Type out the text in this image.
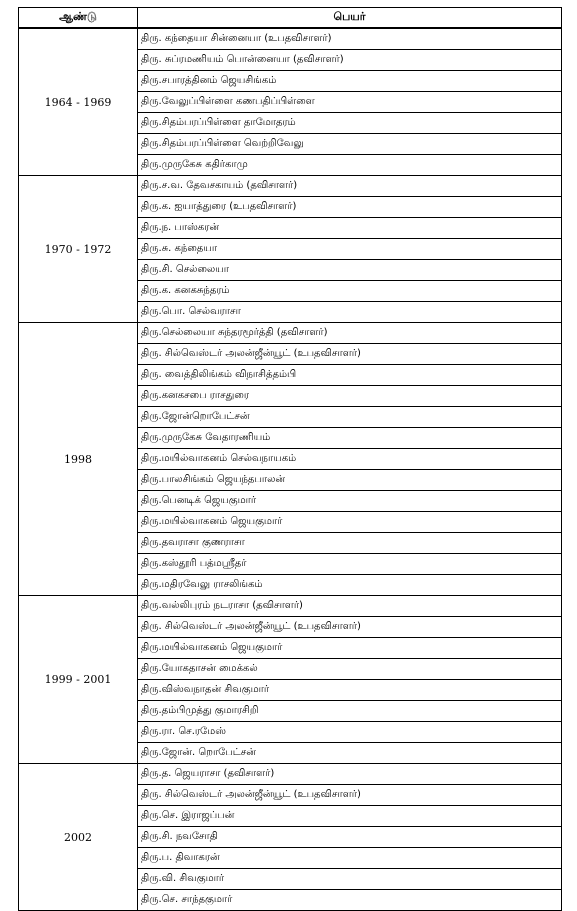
ஆண்டு	பெயர்
1964 - 1969	திரு. கந்தையா சின்னையா (உபதவிசாளர்)
	திரு. சுப்ரமணியம் பொன்னையா (தவிசாளர்)
	திரு.சபாரத்தினம் ஜெயசிங்கம்
	திரு.வேலுப்பிள்ளை கணபதிப்பிள்ளை
	திரு.சிதம்பரப்பிள்ளை தாமோதரம்
	திரு.சிதம்பரப்பிள்ளை வெற்றிவேலு
	திரு.முருகேசு கதிர்காமு
1970 - 1972	திரு.ச.வ. தேவசகாயம் (தவிசாளர்)
	திரு.க. ஐயாத்துரை (உபதவிசாளர்)
	திரு.ந. பாஸ்கரன்
	திரு.சு. கந்தையா
	திரு.சி. செல்லையா
	திரு.க. கனகசுந்தரம்
	திரு.பொ. செல்வராசா
1998	திரு.செல்லையா சுந்தரமூர்த்தி (தவிசாளர்)
	திரு. சில்வெஸ்டர் அலன்ஜீன்யூட் (உபதவிசாளர்)
	திரு. வைத்திலிங்கம் விநாசித்தம்பி
	திரு.கனகசபை ராசதுரை
	திரு.ஜோன்றொபேட்சன்
	திரு.முருகேசு வேதாரணியம்
	திரு.மயில்வாகனம் செல்வநாயகம்
	திரு.பாலசிங்கம் ஜெயந்தபாலன்
	திரு.பெனடிக் ஜெயகுமார்
	திரு.மயில்வாகனம் ஜெயகுமார்
	திரு.தவராசா குணராசா
	திரு.கஸ்தூரி பத்மஸ்ரீதர்
	திரு.மதிரவேலு ராசலிங்கம்
1999 - 2001	திரு.வல்லிபுரம் நடராசா (தவிசாளர்)
	திரு. சில்வெஸ்டர் அலன்ஜீன்யூட் (உபதவிசாளர்)
	திரு.மயில்வாகனம் ஜெயகுமார்
	திரு.யோகதாசன் மைக்கல்
	திரு.விஸ்வநாதன் சிவகுமார்
	திரு.தம்பிமுத்து குமாரசிறி
	திரு.ரா. செ.ரமேஸ்
	திரு.ஜோன். றொபேட்சன்
2002	திரு.த. ஜெயராசா (தவிசாளர்)
	திரு. சில்வெஸ்டர் அலன்ஜீன்யூட் (உபதவிசாளர்)
	திரு.செ. இராஜப்பன்
	திரு.சி. நவசோதி
	திரு.ப. திவாகரன்
	திரு.வி. சிவகுமார்
	திரு.செ. சாந்தகுமார்
